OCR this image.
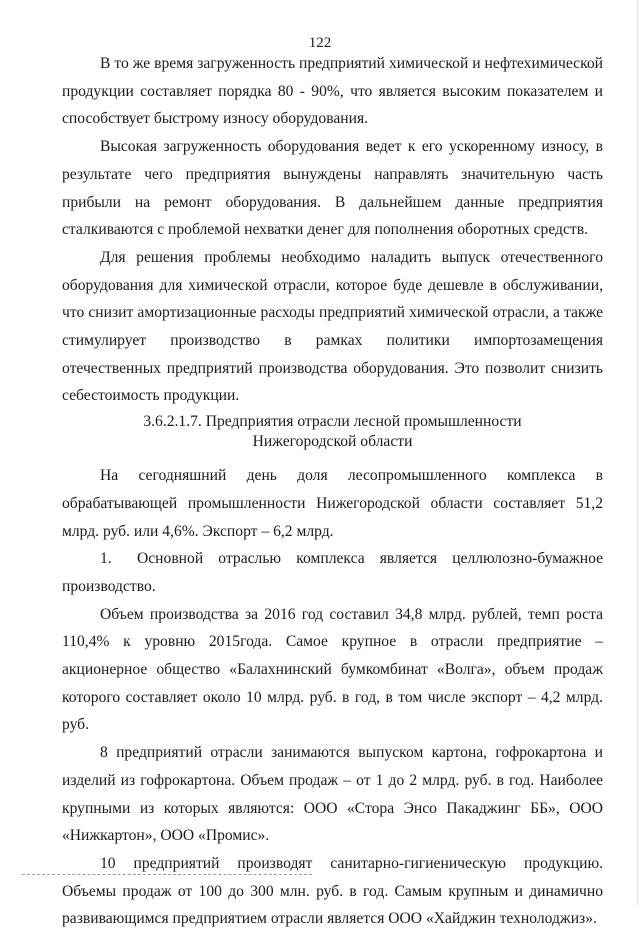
122

В то же время загруженность предприятий химической и нефтехимической продукции составляет порядка 80 - 90%, что является высоким показателем и способствует быстрому износу оборудования.

Высокая загруженность оборудования ведет к его ускоренному износу, в результате чего предприятия вынуждены направлять значительную часть прибыли на ремонт оборудования. В дальнейшем данные предприятия сталкиваются с проблемой нехватки денег для пополнения оборотных средств.

Для решения проблемы необходимо наладить выпуск отечественного оборудования для химической отрасли, которое буде дешевле в обслуживании, что снизит амортизационные расходы предприятий химической отрасли, а также стимулирует производство в рамках политики импортозамещения отечественных предприятий производства оборудования. Это позволит снизить себестоимость продукции.

3.6.2.1.7. Предприятия отрасли лесной промышленности
Нижегородской области

На сегодняшний день доля лесопромышленного комплекса в обрабатывающей промышленности Нижегородской области составляет 51,2 млрд. руб. или 4,6%. Экспорт – 6,2 млрд.

1.	Основной отраслью комплекса является целлюлозно-бумажное

производство.

Объем производства за 2016 год составил 34,8 млрд. рублей, темп роста 110,4% к уровню 2015года. Самое крупное в отрасли предприятие – акционерное общество «Балахнинский бумкомбинат «Волга», объем продаж которого составляет около 10 млрд. руб. в год, в том числе экспорт – 4,2 млрд. руб.

8 предприятий отрасли занимаются выпуском картона, гофрокартона и изделий из гофрокартона. Объем продаж – от 1 до 2 млрд. руб. в год. Наиболее крупными из которых являются: ООО «Стора Энсо Пакаджинг ББ», ООО «Нижкартон», ООО «Промис».

10 предприятий производят санитарно-гигиеническую продукцию. Объемы продаж от 100 до 300 млн. руб. в год. Самым крупным и динамично развивающимся предприятием отрасли является ООО «Хайджин технолоджиз».
